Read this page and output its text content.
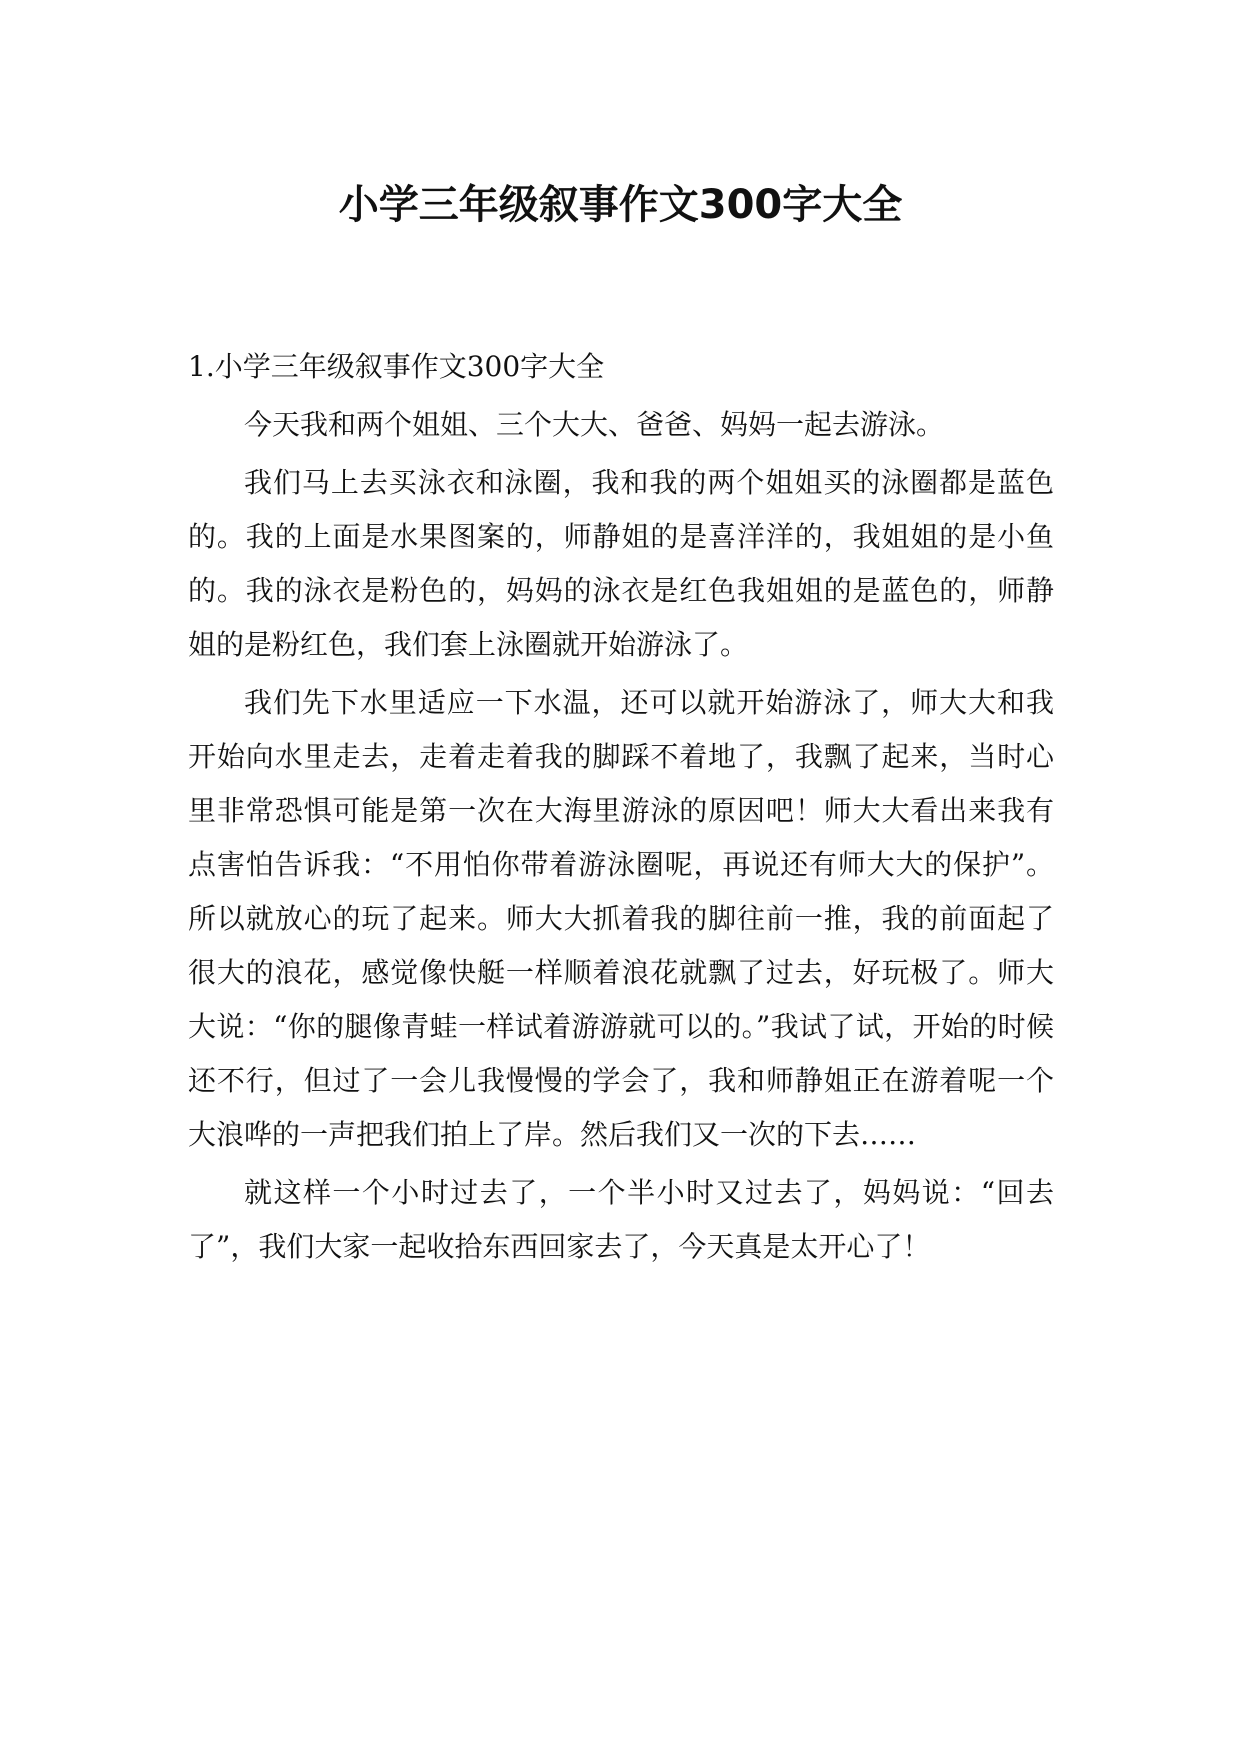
小学三年级叙事作文300字大全

1.小学三年级叙事作文300字大全

今天我和两个姐姐、三个大大、爸爸、妈妈一起去游泳。

我们马上去买泳衣和泳圈，我和我的两个姐姐买的泳圈都是蓝色的。我的上面是水果图案的，师静姐的是喜洋洋的，我姐姐的是小鱼的。我的泳衣是粉色的，妈妈的泳衣是红色我姐姐的是蓝色的，师静姐的是粉红色，我们套上泳圈就开始游泳了。

我们先下水里适应一下水温，还可以就开始游泳了，师大大和我开始向水里走去，走着走着我的脚踩不着地了，我飘了起来，当时心里非常恐惧可能是第一次在大海里游泳的原因吧！师大大看出来我有点害怕告诉我：“不用怕你带着游泳圈呢，再说还有师大大的保护”。所以就放心的玩了起来。师大大抓着我的脚往前一推，我的前面起了很大的浪花，感觉像快艇一样顺着浪花就飘了过去，好玩极了。师大大说：“你的腿像青蛙一样试着游游就可以的。”我试了试，开始的时候还不行，但过了一会儿我慢慢的学会了，我和师静姐正在游着呢一个大浪哗的一声把我们拍上了岸。然后我们又一次的下去……

就这样一个小时过去了，一个半小时又过去了，妈妈说：“回去了”，我们大家一起收拾东西回家去了，今天真是太开心了！
